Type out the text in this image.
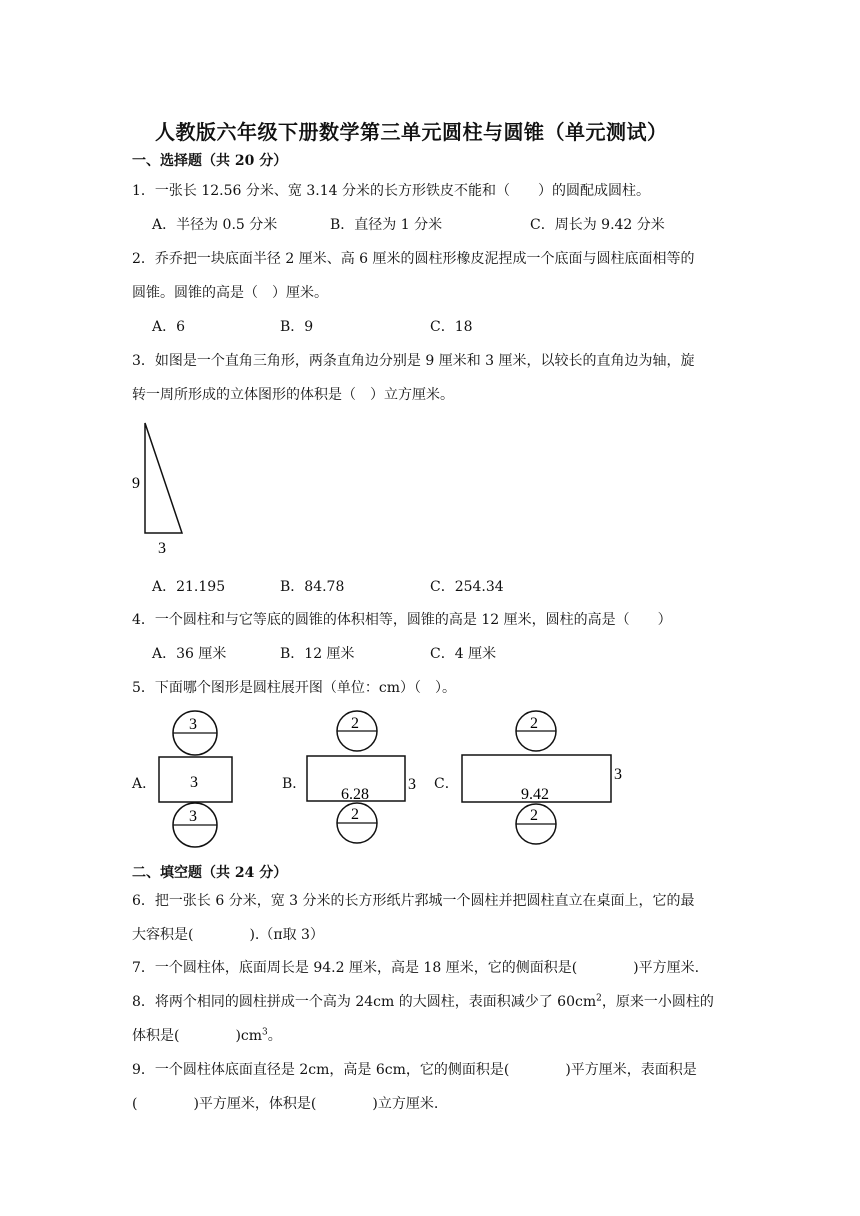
人教版六年级下册数学第三单元圆柱与圆锥（单元测试）
一、选择题（共 20 分）
1．一张长 12.56 分米、宽 3.14 分米的长方形铁皮不能和（　　）的圆配成圆柱。
A．半径为 0.5 分米	B．直径为 1 分米	C．周长为 9.42 分米
2．乔乔把一块底面半径 2 厘米、高 6 厘米的圆柱形橡皮泥捏成一个底面与圆柱底面相等的
圆锥。圆锥的高是（　）厘米。
A．6	B．9	C．18
3．如图是一个直角三角形，两条直角边分别是 9 厘米和 3 厘米，以较长的直角边为轴，旋
转一周所形成的立体图形的体积是（　）立方厘米。
9
3
A．21.195	B．84.78	C．254.34
4．一个圆柱和与它等底的圆锥的体积相等，圆锥的高是 12 厘米，圆柱的高是（　　）
A．36 厘米	B．12 厘米	C．4 厘米
5．下面哪个图形是圆柱展开图（单位：cm）（　）。
A．
3
3
3
B．
2
6.28
3
2
C．
2
9.42
3
2
二、填空题（共 24 分）
6．把一张长 6 分米，宽 3 分米的长方形纸片郛城一个圆柱并把圆柱直立在桌面上，它的最
大容积是(　　　　).（π取 3）
7．一个圆柱体，底面周长是 94.2 厘米，高是 18 厘米，它的侧面积是(　　　　)平方厘米.
8．将两个相同的圆柱拼成一个高为 24cm 的大圆柱，表面积减少了 $60cm^2$，原来一小圆柱的
体积是(　　　　)$cm^3$。
9．一个圆柱体底面直径是 2cm，高是 6cm，它的侧面积是(　　　　)平方厘米，表面积是
(　　　　)平方厘米，体积是(　　　　)立方厘米.
